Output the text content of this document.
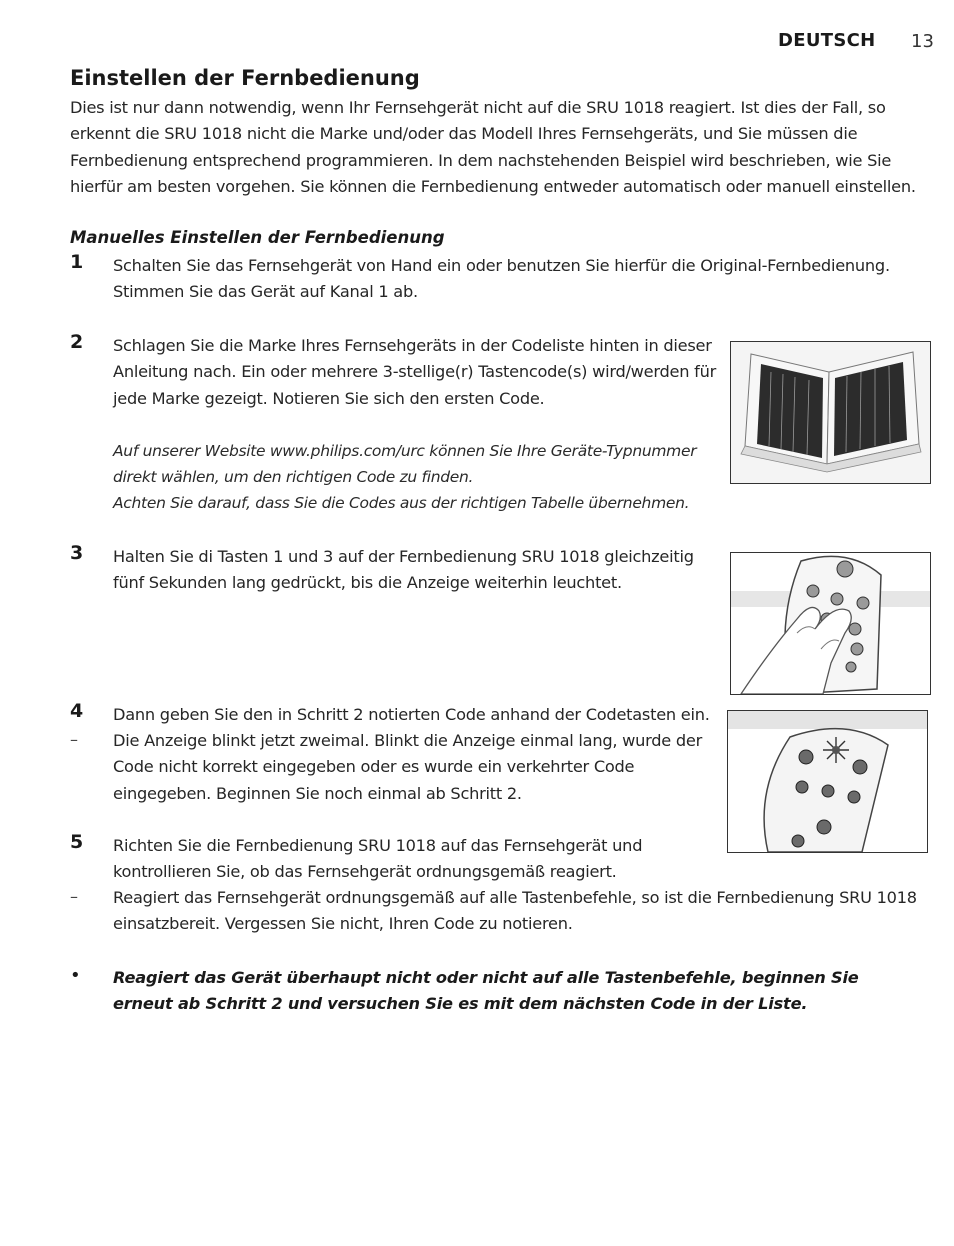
DEUTSCH 13
Einstellen der Fernbedienung
Dies ist nur dann notwendig, wenn Ihr Fernsehgerät nicht auf die SRU 1018 reagiert. Ist dies der Fall, so erkennt die SRU 1018 nicht die Marke und/oder das Modell Ihres Fernsehgeräts, und Sie müssen die Fernbedienung entsprechend programmieren. In dem nachstehenden Beispiel wird beschrieben, wie Sie hierfür am besten vorgehen. Sie können die Fernbedienung entweder automatisch oder manuell einstellen.
Manuelles Einstellen der Fernbedienung
1 Schalten Sie das Fernsehgerät von Hand ein oder benutzen Sie hierfür die Original-Fernbedienung. Stimmen Sie das Gerät auf Kanal 1 ab.
2 Schlagen Sie die Marke Ihres Fernsehgeräts in der Codeliste hinten in dieser Anleitung nach. Ein oder mehrere 3-stellige(r) Tastencode(s) wird/werden für jede Marke gezeigt. Notieren Sie sich den ersten Code.
Auf unserer Website www.philips.com/urc können Sie Ihre Geräte-Typnummer direkt wählen, um den richtigen Code zu finden.
Achten Sie darauf, dass Sie die Codes aus der richtigen Tabelle übernehmen.
3 Halten Sie di Tasten 1 und 3 auf der Fernbedienung SRU 1018 gleichzeitig fünf Sekunden lang gedrückt, bis die Anzeige weiterhin leuchtet.
4 Dann geben Sie den in Schritt 2 notierten Code anhand der Codetasten ein.
– Die Anzeige blinkt jetzt zweimal. Blinkt die Anzeige einmal lang, wurde der Code nicht korrekt eingegeben oder es wurde ein verkehrter Code eingegeben. Beginnen Sie noch einmal ab Schritt 2.
5 Richten Sie die Fernbedienung SRU 1018 auf das Fernsehgerät und kontrollieren Sie, ob das Fernsehgerät ordnungsgemäß reagiert.
– Reagiert das Fernsehgerät ordnungsgemäß auf alle Tastenbefehle, so ist die Fernbedienung SRU 1018 einsatzbereit. Vergessen Sie nicht, Ihren Code zu notieren.
• Reagiert das Gerät überhaupt nicht oder nicht auf alle Tastenbefehle, beginnen Sie erneut ab Schritt 2 und versuchen Sie es mit dem nächsten Code in der Liste.
